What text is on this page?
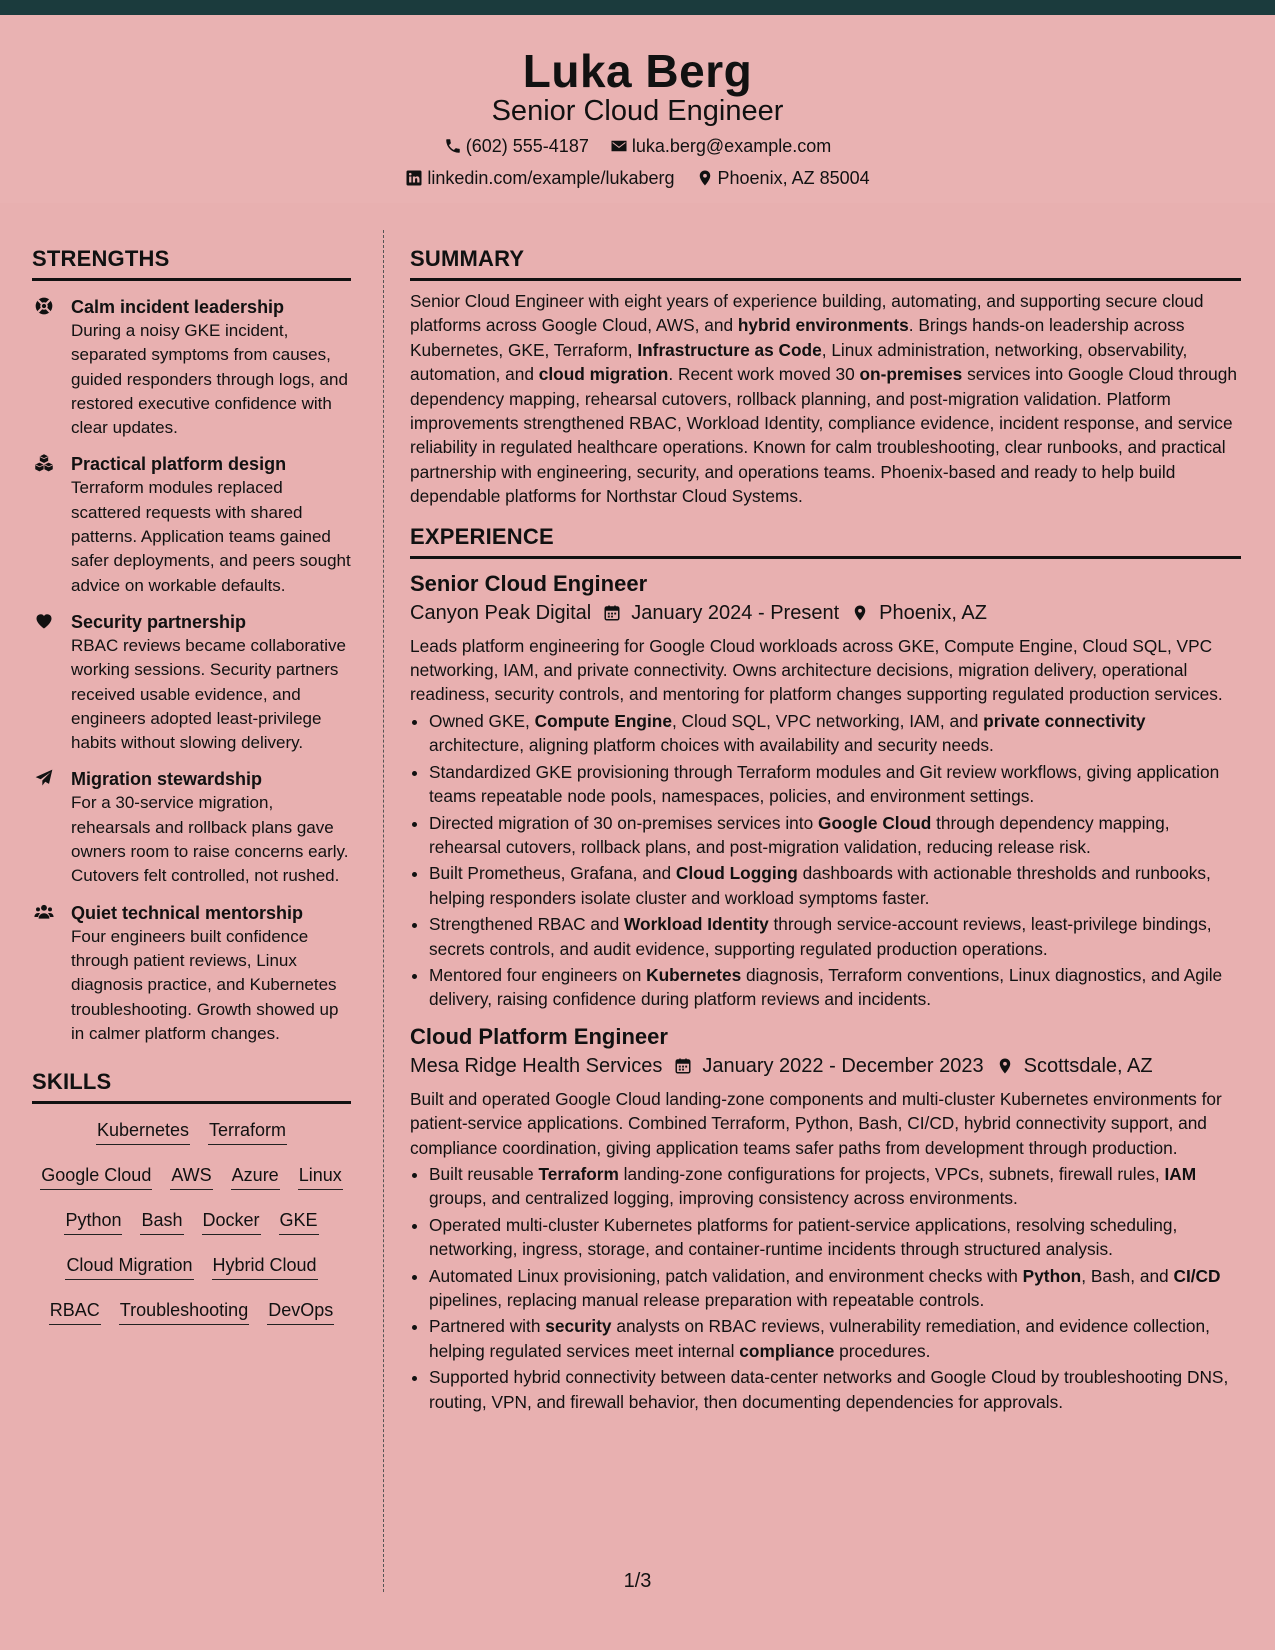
Luka Berg
Senior Cloud Engineer
(602) 555-4187
luka.berg@example.com
linkedin.com/example/lukaberg
Phoenix, AZ 85004
STRENGTHS
Calm incident leadership
During a noisy GKE incident, separated symptoms from causes, guided responders through logs, and restored executive confidence with clear updates.
Practical platform design
Terraform modules replaced scattered requests with shared patterns. Application teams gained safer deployments, and peers sought advice on workable defaults.
Security partnership
RBAC reviews became collaborative working sessions. Security partners received usable evidence, and engineers adopted least-privilege habits without slowing delivery.
Migration stewardship
For a 30-service migration, rehearsals and rollback plans gave owners room to raise concerns early. Cutovers felt controlled, not rushed.
Quiet technical mentorship
Four engineers built confidence through patient reviews, Linux diagnosis practice, and Kubernetes troubleshooting. Growth showed up in calmer platform changes.
SKILLS
Kubernetes Terraform
Google Cloud AWS Azure Linux
Python Bash Docker GKE
Cloud Migration Hybrid Cloud
RBAC Troubleshooting DevOps
SUMMARY
Senior Cloud Engineer with eight years of experience building, automating, and supporting secure cloud platforms across Google Cloud, AWS, and hybrid environments. Brings hands-on leadership across Kubernetes, GKE, Terraform, Infrastructure as Code, Linux administration, networking, observability, automation, and cloud migration. Recent work moved 30 on-premises services into Google Cloud through dependency mapping, rehearsal cutovers, rollback planning, and post-migration validation. Platform improvements strengthened RBAC, Workload Identity, compliance evidence, incident response, and service reliability in regulated healthcare operations. Known for calm troubleshooting, clear runbooks, and practical partnership with engineering, security, and operations teams. Phoenix-based and ready to help build dependable platforms for Northstar Cloud Systems.
EXPERIENCE
Senior Cloud Engineer
Canyon Peak Digital January 2024 - Present Phoenix, AZ
Leads platform engineering for Google Cloud workloads across GKE, Compute Engine, Cloud SQL, VPC networking, IAM, and private connectivity. Owns architecture decisions, migration delivery, operational readiness, security controls, and mentoring for platform changes supporting regulated production services.
• Owned GKE, Compute Engine, Cloud SQL, VPC networking, IAM, and private connectivity architecture, aligning platform choices with availability and security needs.
• Standardized GKE provisioning through Terraform modules and Git review workflows, giving application teams repeatable node pools, namespaces, policies, and environment settings.
• Directed migration of 30 on-premises services into Google Cloud through dependency mapping, rehearsal cutovers, rollback plans, and post-migration validation, reducing release risk.
• Built Prometheus, Grafana, and Cloud Logging dashboards with actionable thresholds and runbooks, helping responders isolate cluster and workload symptoms faster.
• Strengthened RBAC and Workload Identity through service-account reviews, least-privilege bindings, secrets controls, and audit evidence, supporting regulated production operations.
• Mentored four engineers on Kubernetes diagnosis, Terraform conventions, Linux diagnostics, and Agile delivery, raising confidence during platform reviews and incidents.
Cloud Platform Engineer
Mesa Ridge Health Services January 2022 - December 2023 Scottsdale, AZ
Built and operated Google Cloud landing-zone components and multi-cluster Kubernetes environments for patient-service applications. Combined Terraform, Python, Bash, CI/CD, hybrid connectivity support, and compliance coordination, giving application teams safer paths from development through production.
• Built reusable Terraform landing-zone configurations for projects, VPCs, subnets, firewall rules, IAM groups, and centralized logging, improving consistency across environments.
• Operated multi-cluster Kubernetes platforms for patient-service applications, resolving scheduling, networking, ingress, storage, and container-runtime incidents through structured analysis.
• Automated Linux provisioning, patch validation, and environment checks with Python, Bash, and CI/CD pipelines, replacing manual release preparation with repeatable controls.
• Partnered with security analysts on RBAC reviews, vulnerability remediation, and evidence collection, helping regulated services meet internal compliance procedures.
• Supported hybrid connectivity between data-center networks and Google Cloud by troubleshooting DNS, routing, VPN, and firewall behavior, then documenting dependencies for approvals.
1/3
